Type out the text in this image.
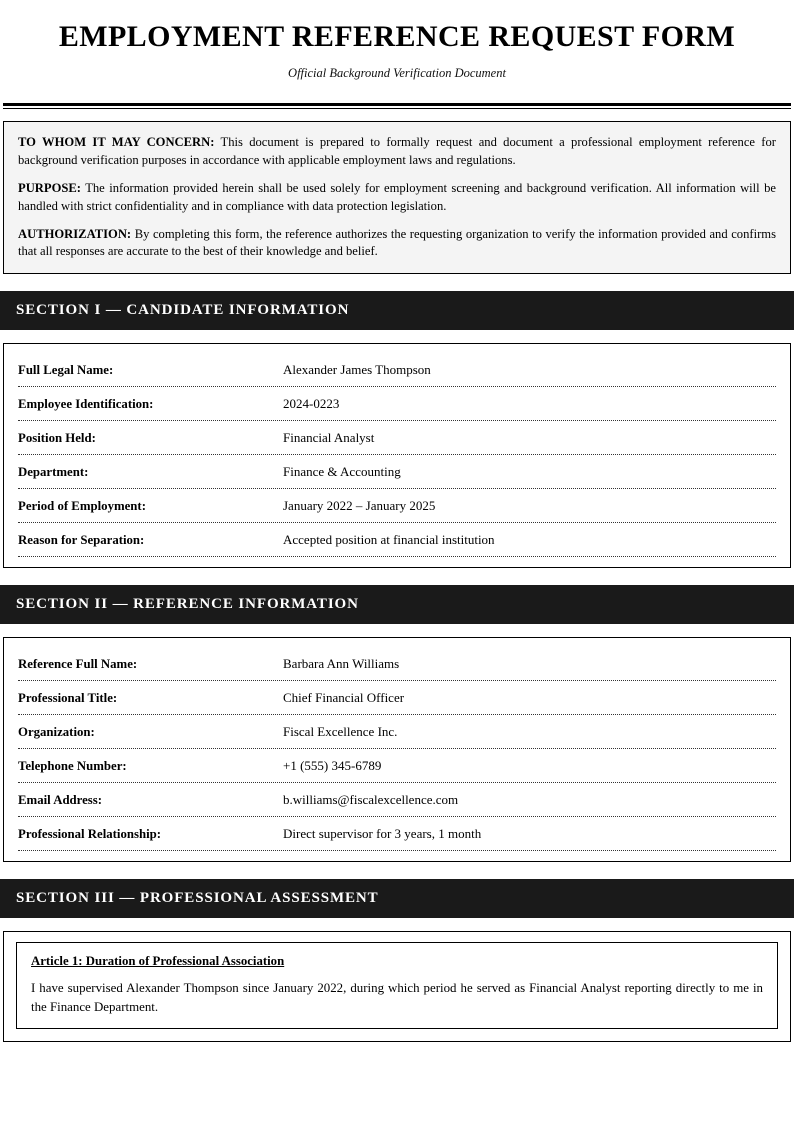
EMPLOYMENT REFERENCE REQUEST FORM
Official Background Verification Document

TO WHOM IT MAY CONCERN: This document is prepared to formally request and document a professional employment reference for background verification purposes in accordance with applicable employment laws and regulations.

PURPOSE: The information provided herein shall be used solely for employment screening and background verification. All information will be handled with strict confidentiality and in compliance with data protection legislation.

AUTHORIZATION: By completing this form, the reference authorizes the requesting organization to verify the information provided and confirms that all responses are accurate to the best of their knowledge and belief.

SECTION I — CANDIDATE INFORMATION
Full Legal Name:	Alexander James Thompson
Employee Identification:	2024-0223
Position Held:	Financial Analyst
Department:	Finance & Accounting
Period of Employment:	January 2022 – January 2025
Reason for Separation:	Accepted position at financial institution
SECTION II — REFERENCE INFORMATION
Reference Full Name:	Barbara Ann Williams
Professional Title:	Chief Financial Officer
Organization:	Fiscal Excellence Inc.
Telephone Number:	+1 (555) 345-6789
Email Address:	b.williams@fiscalexcellence.com
Professional Relationship:	Direct supervisor for 3 years, 1 month
SECTION III — PROFESSIONAL ASSESSMENT
Article 1: Duration of Professional Association

I have supervised Alexander Thompson since January 2022, during which period he served as Financial Analyst reporting directly to me in the Finance Department.
